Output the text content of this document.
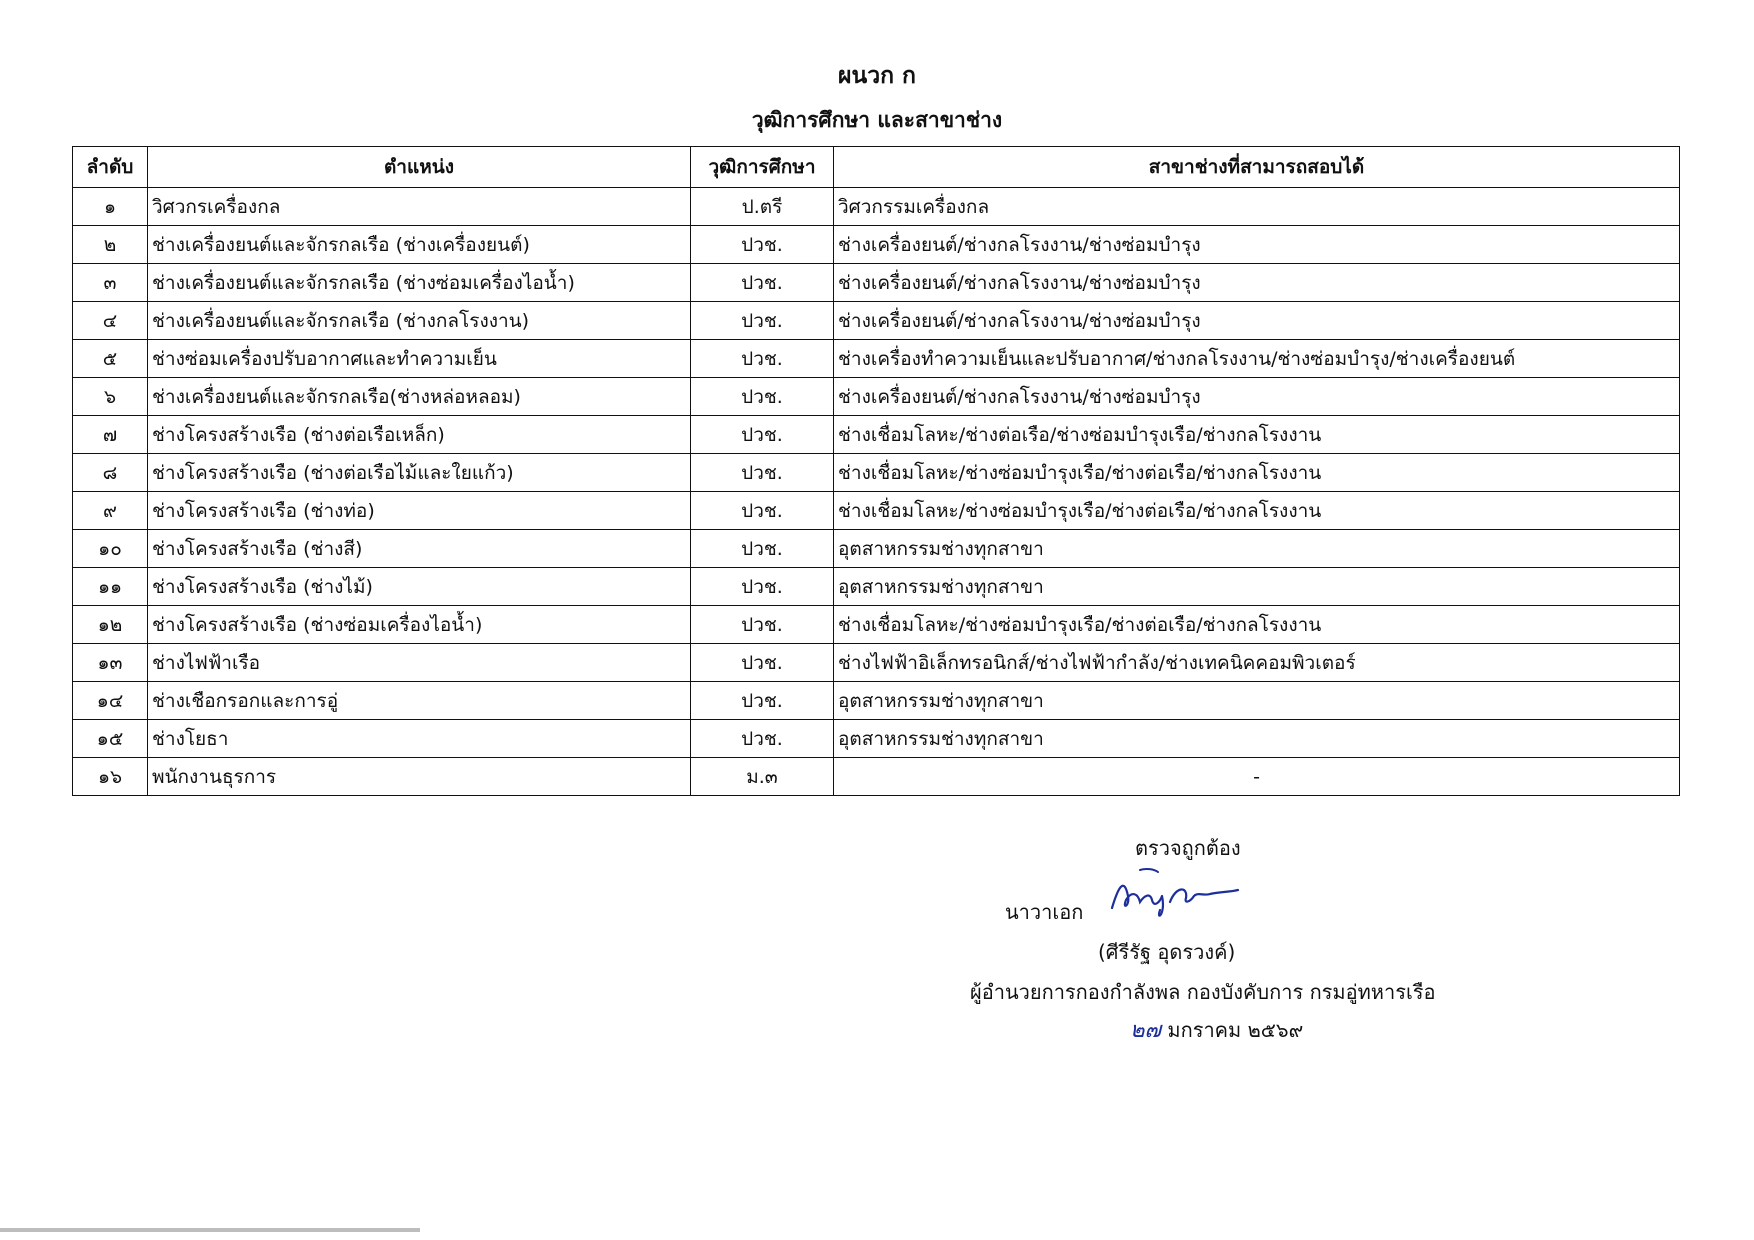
ผนวก ก
วุฒิการศึกษา และสาขาช่าง
ลำดับ	ตำแหน่ง	วุฒิการศึกษา	สาขาช่างที่สามารถสอบได้
๑	วิศวกรเครื่องกล	ป.ตรี	วิศวกรรมเครื่องกล
๒	ช่างเครื่องยนต์และจักรกลเรือ (ช่างเครื่องยนต์)	ปวช.	ช่างเครื่องยนต์/ช่างกลโรงงาน/ช่างซ่อมบำรุง
๓	ช่างเครื่องยนต์และจักรกลเรือ (ช่างซ่อมเครื่องไอน้ำ)	ปวช.	ช่างเครื่องยนต์/ช่างกลโรงงาน/ช่างซ่อมบำรุง
๔	ช่างเครื่องยนต์และจักรกลเรือ (ช่างกลโรงงาน)	ปวช.	ช่างเครื่องยนต์/ช่างกลโรงงาน/ช่างซ่อมบำรุง
๕	ช่างซ่อมเครื่องปรับอากาศและทำความเย็น	ปวช.	ช่างเครื่องทำความเย็นและปรับอากาศ/ช่างกลโรงงาน/ช่างซ่อมบำรุง/ช่างเครื่องยนต์
๖	ช่างเครื่องยนต์และจักรกลเรือ(ช่างหล่อหลอม)	ปวช.	ช่างเครื่องยนต์/ช่างกลโรงงาน/ช่างซ่อมบำรุง
๗	ช่างโครงสร้างเรือ (ช่างต่อเรือเหล็ก)	ปวช.	ช่างเชื่อมโลหะ/ช่างต่อเรือ/ช่างซ่อมบำรุงเรือ/ช่างกลโรงงาน
๘	ช่างโครงสร้างเรือ (ช่างต่อเรือไม้และใยแก้ว)	ปวช.	ช่างเชื่อมโลหะ/ช่างซ่อมบำรุงเรือ/ช่างต่อเรือ/ช่างกลโรงงาน
๙	ช่างโครงสร้างเรือ (ช่างท่อ)	ปวช.	ช่างเชื่อมโลหะ/ช่างซ่อมบำรุงเรือ/ช่างต่อเรือ/ช่างกลโรงงาน
๑๐	ช่างโครงสร้างเรือ (ช่างสี)	ปวช.	อุตสาหกรรมช่างทุกสาขา
๑๑	ช่างโครงสร้างเรือ (ช่างไม้)	ปวช.	อุตสาหกรรมช่างทุกสาขา
๑๒	ช่างโครงสร้างเรือ (ช่างซ่อมเครื่องไอน้ำ)	ปวช.	ช่างเชื่อมโลหะ/ช่างซ่อมบำรุงเรือ/ช่างต่อเรือ/ช่างกลโรงงาน
๑๓	ช่างไฟฟ้าเรือ	ปวช.	ช่างไฟฟ้าอิเล็กทรอนิกส์/ช่างไฟฟ้ากำลัง/ช่างเทคนิคคอมพิวเตอร์
๑๔	ช่างเชือกรอกและการอู่	ปวช.	อุตสาหกรรมช่างทุกสาขา
๑๕	ช่างโยธา	ปวช.	อุตสาหกรรมช่างทุกสาขา
๑๖	พนักงานธุรการ	ม.๓	-
ตรวจถูกต้อง
นาวาเอก
(ศีรีรัฐ อุดรวงค์)
ผู้อำนวยการกองกำลังพล กองบังคับการ กรมอู่ทหารเรือ
๒๗ มกราคม ๒๕๖๙
